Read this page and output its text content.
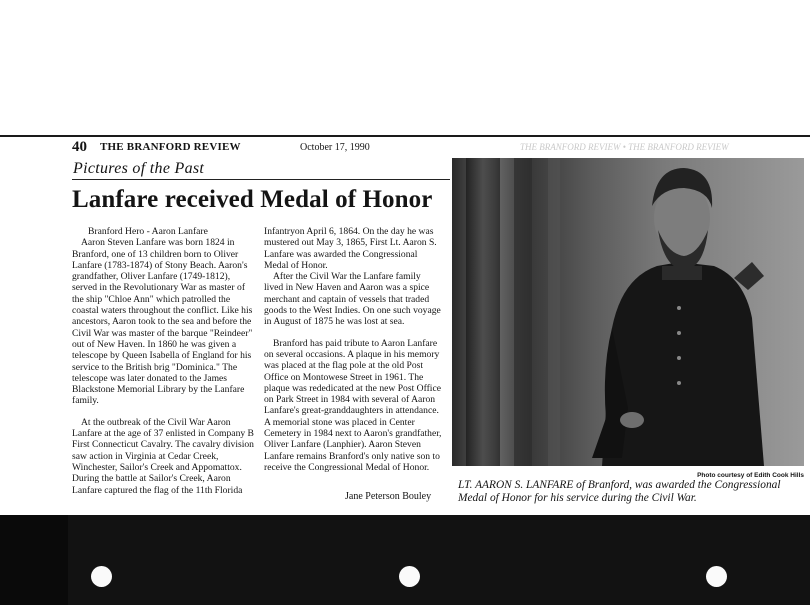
40 THE BRANFORD REVIEW	October 17, 1990	THE BRANFORD REVIEW • THE BRANFORD REVIEW
Pictures of the Past
Lanfare received Medal of Honor

Branford Hero - Aaron Lanfare

Aaron Steven Lanfare was born 1824 in Branford, one of 13 children born to Oliver Lanfare (1783-1874) of Stony Beach. Aaron's grandfather, Oliver Lanfare (1749-1812), served in the Revolutionary War as master of the ship "Chloe Ann" which patrolled the coastal waters throughout the conflict. Like his ancestors, Aaron took to the sea and before the Civil War was master of the barque "Reindeer" out of New Haven. In 1860 he was given a telescope by Queen Isabella of England for his service to the British brig "Dominica." The telescope was later donated to the James Blackstone Memorial Library by the Lanfare family.

At the outbreak of the Civil War Aaron Lanfare at the age of 37 enlisted in Company B First Connecticut Cavalry. The cavalry division saw action in Virginia at Cedar Creek, Winchester, Sailor's Creek and Appomattox. During the battle at Sailor's Creek, Aaron Lanfare captured the flag of the 11th Florida

Infantryon April 6, 1864. On the day he was mustered out May 3, 1865, First Lt. Aaron S. Lanfare was awarded the Congressional Medal of Honor.

After the Civil War the Lanfare family lived in New Haven and Aaron was a spice merchant and captain of vessels that traded goods to the West Indies. On one such voyage in August of 1875 he was lost at sea.

Branford has paid tribute to Aaron Lanfare on several occasions. A plaque in his memory was placed at the flag pole at the old Post Office on Montowese Street in 1961. The plaque was rededicated at the new Post Office on Park Street in 1984 with several of Aaron Lanfare's great-granddaughters in attendance. A memorial stone was placed in Center Cemetery in 1984 next to Aaron's grandfather, Oliver Lanfare (Lanphier). Aaron Steven Lanfare remains Branford's only native son to receive the Congressional Medal of Honor.

Jane Peterson Bouley
Photo courtesy of Edith Cook Hills
LT. AARON S. LANFARE of Branford, was awarded the Congressional Medal of Honor for his service during the Civil War.
